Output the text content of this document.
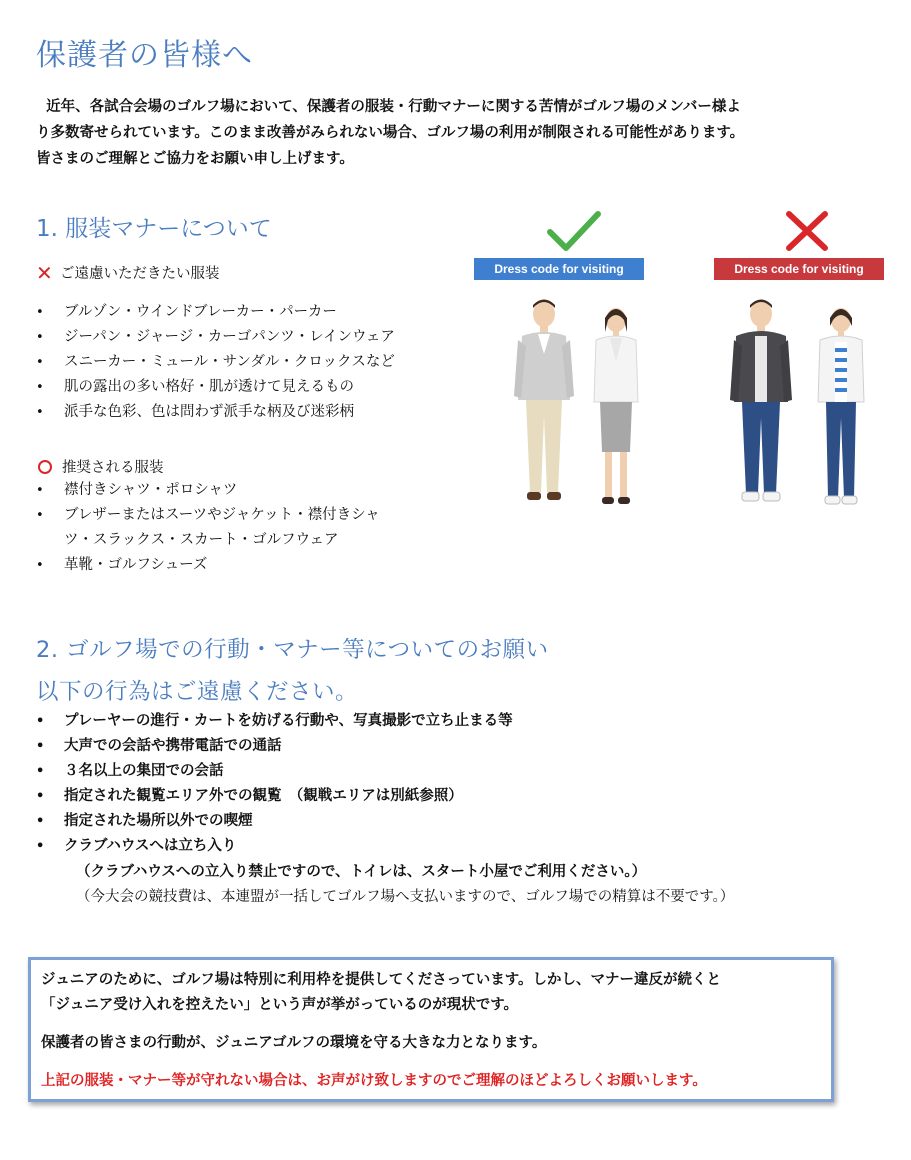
保護者の皆様へ

近年、各試合会場のゴルフ場において、保護者の服装・行動マナーに関する苦情がゴルフ場のメンバー様よ

り多数寄せられています。このまま改善がみられない場合、ゴルフ場の利用が制限される可能性があります。

皆さまのご理解とご協力をお願い申し上げます。

1. 服装マナーについて
✕ ご遠慮いただきたい服装
• ブルゾン・ウインドブレーカー・パーカー
• ジーパン・ジャージ・カーゴパンツ・レインウェア
• スニーカー・ミュール・サンダル・クロックスなど
• 肌の露出の多い格好・肌が透けて見えるもの
• 派手な色彩、色は問わず派手な柄及び迷彩柄
推奨される服装
• 襟付きシャツ・ポロシャツ
• ブレザーまたはスーツやジャケット・襟付きシャ
ツ・スラックス・スカート・ゴルフウェア
• 革靴・ゴルフシューズ
Dress code for visiting	Dress code for visiting
2. ゴルフ場での行動・マナー等についてのお願い
以下の行為はご遠慮ください。
• プレーヤーの進行・カートを妨げる行動や、写真撮影で立ち止まる等
• 大声での会話や携帯電話での通話
• ３名以上の集団での会話
• 指定された観覧エリア外での観覧　（観戦エリアは別紙参照）
• 指定された場所以外での喫煙
• クラブハウスへは立ち入り
（クラブハウスへの立入り禁止ですので、トイレは、スタート小屋でご利用ください。）
（今大会の競技費は、本連盟が一括してゴルフ場へ支払いますので、ゴルフ場での精算は不要です。）

ジュニアのために、ゴルフ場は特別に利用枠を提供してくださっています。しかし、マナー違反が続くと

「ジュニア受け入れを控えたい」という声が挙がっているのが現状です。

保護者の皆さまの行動が、ジュニアゴルフの環境を守る大きな力となります。

上記の服装・マナー等が守れない場合は、お声がけ致しますのでご理解のほどよろしくお願いします。
